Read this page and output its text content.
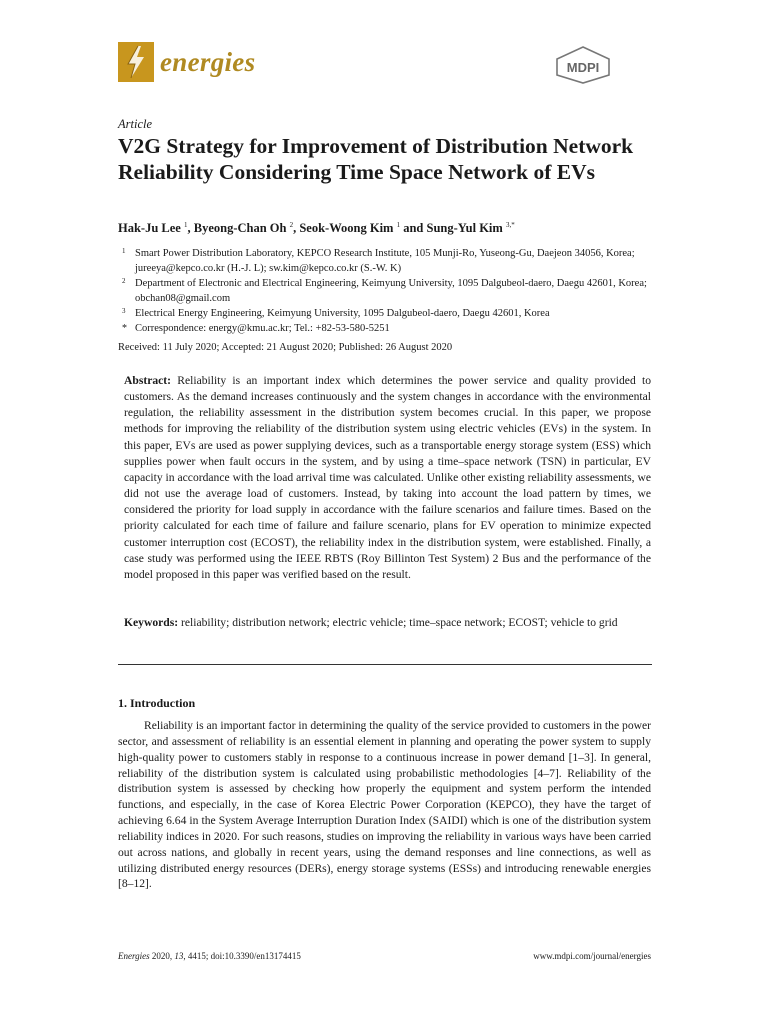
energies	MDPI
Article
V2G Strategy for Improvement of Distribution Network Reliability Considering Time Space Network of EVs
Hak-Ju Lee $^1$, Byeong-Chan Oh $^2$, Seok-Woong Kim $^1$ and Sung-Yul Kim $^{3,*}$
1 Smart Power Distribution Laboratory, KEPCO Research Institute, 105 Munji-Ro, Yuseong-Gu, Daejeon 34056, Korea; jureeya@kepco.co.kr (H.-J. L); sw.kim@kepco.co.kr (S.-W. K)
2 Department of Electronic and Electrical Engineering, Keimyung University, 1095 Dalgubeol-daero, Daegu 42601, Korea; obchan08@gmail.com
3 Electrical Energy Engineering, Keimyung University, 1095 Dalgubeol-daero, Daegu 42601, Korea
* Correspondence: energy@kmu.ac.kr; Tel.: +82-53-580-5251
Received: 11 July 2020; Accepted: 21 August 2020; Published: 26 August 2020

Abstract: Reliability is an important index which determines the power service and quality provided to customers. As the demand increases continuously and the system changes in accordance with the environmental regulation, the reliability assessment in the distribution system becomes crucial. In this paper, we propose methods for improving the reliability of the distribution system using electric vehicles (EVs) in the system. In this paper, EVs are used as power supplying devices, such as a transportable energy storage system (ESS) which supplies power when fault occurs in the system, and by using a time–space network (TSN) in particular, EV capacity in accordance with the load arrival time was calculated. Unlike other existing reliability assessments, we did not use the average load of customers. Instead, by taking into account the load pattern by times, we considered the priority for load supply in accordance with the failure scenarios and failure times. Based on the priority calculated for each time of failure and failure scenario, plans for EV operation to minimize expected customer interruption cost (ECOST), the reliability index in the distribution system, were established. Finally, a case study was performed using the IEEE RBTS (Roy Billinton Test System) 2 Bus and the performance of the model proposed in this paper was verified based on the result.

Keywords: reliability; distribution network; electric vehicle; time–space network; ECOST; vehicle to grid

1. Introduction

Reliability is an important factor in determining the quality of the service provided to customers in the power sector, and assessment of reliability is an essential element in planning and operating the power system to supply high-quality power to customers stably in response to a continuous increase in power demand [1–3]. In general, reliability of the distribution system is calculated using probabilistic methodologies [4–7]. Reliability of the distribution system is assessed by checking how properly the equipment and system perform the intended functions, and especially, in the case of Korea Electric Power Corporation (KEPCO), they have the target of achieving 6.64 in the System Average Interruption Duration Index (SAIDI) which is one of the distribution system reliability indices in 2020. For such reasons, studies on improving the reliability in various ways have been carried out across nations, and globally in recent years, using the demand responses and line connections, as well as utilizing distributed energy resources (DERs), energy storage systems (ESSs) and introducing renewable energies [8–12].

Energies 2020, 13, 4415; doi:10.3390/en13174415	www.mdpi.com/journal/energies
